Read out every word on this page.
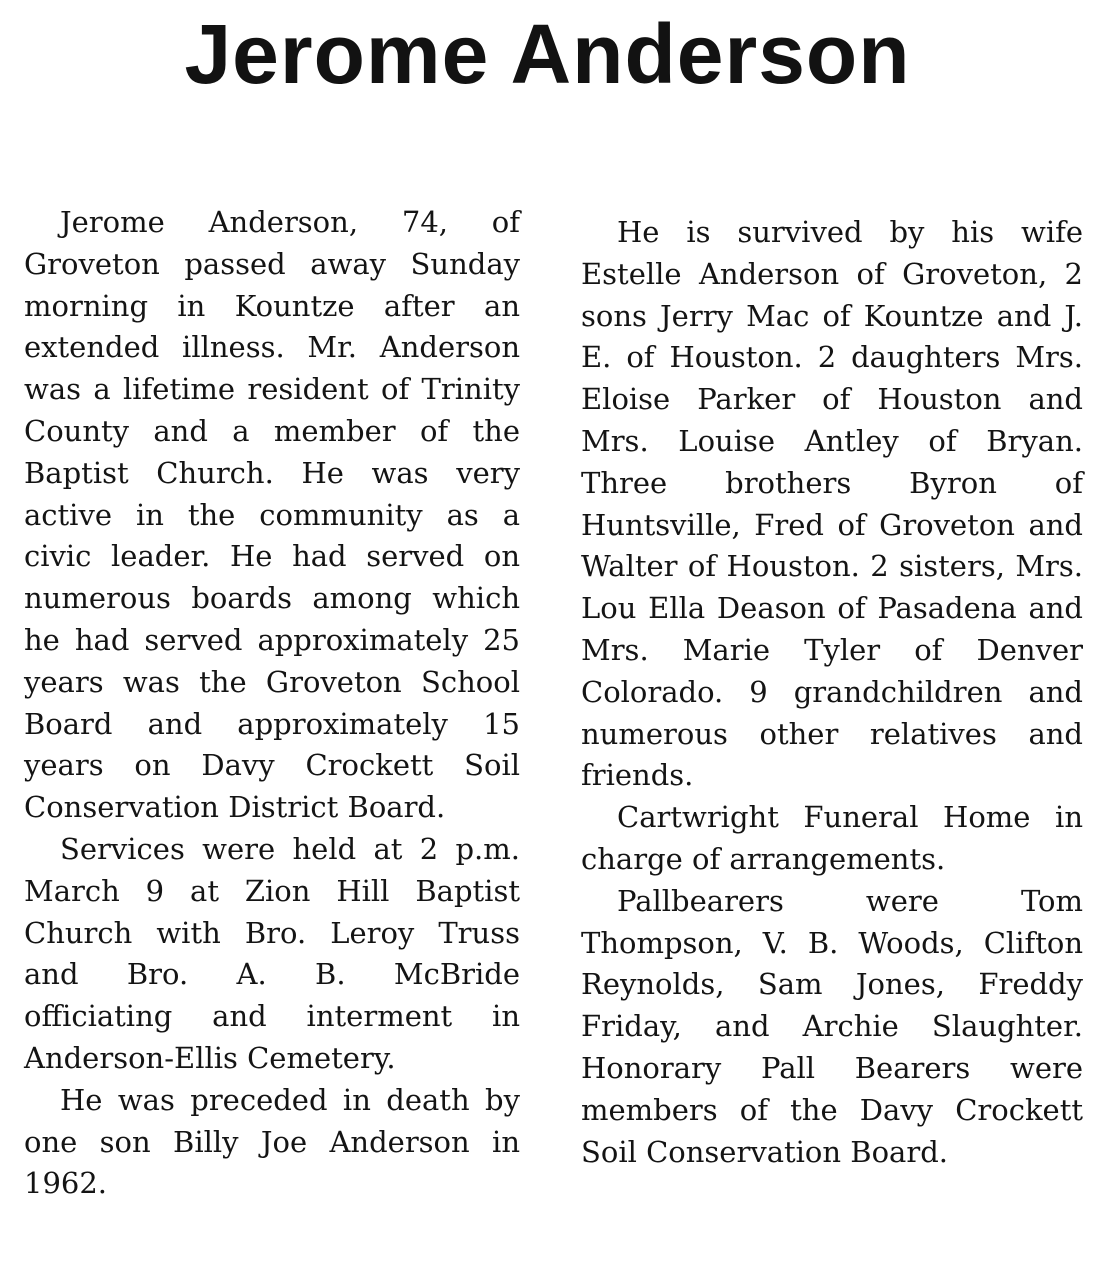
Jerome Anderson

Jerome Anderson, 74, of Groveton passed away Sunday morning in Kountze after an extended illness. Mr. Anderson was a lifetime resident of Trinity County and a member of the Baptist Church. He was very active in the community as a civic leader. He had served on numerous boards among which he had served approximately 25 years was the Groveton School Board and approximately 15 years on Davy Crockett Soil Conservation District Board.

Services were held at 2 p.m. March 9 at Zion Hill Baptist Church with Bro. Leroy Truss and Bro. A. B. McBride officiating and interment in Anderson-Ellis Cemetery.

He was preceded in death by one son Billy Joe Anderson in 1962.

He is survived by his wife Estelle Anderson of Groveton, 2 sons Jerry Mac of Kountze and J. E. of Houston. 2 daughters Mrs. Eloise Parker of Houston and Mrs. Louise Antley of Bryan. Three brothers Byron of Huntsville, Fred of Groveton and Walter of Houston. 2 sisters, Mrs. Lou Ella Deason of Pasadena and Mrs. Marie Tyler of Denver Colorado. 9 grandchildren and numerous other relatives and friends.

Cartwright Funeral Home in charge of arrangements.

Pallbearers were Tom Thompson, V. B. Woods, Clifton Reynolds, Sam Jones, Freddy Friday, and Archie Slaughter. Honorary Pall Bearers were members of the Davy Crockett Soil Conservation Board.
